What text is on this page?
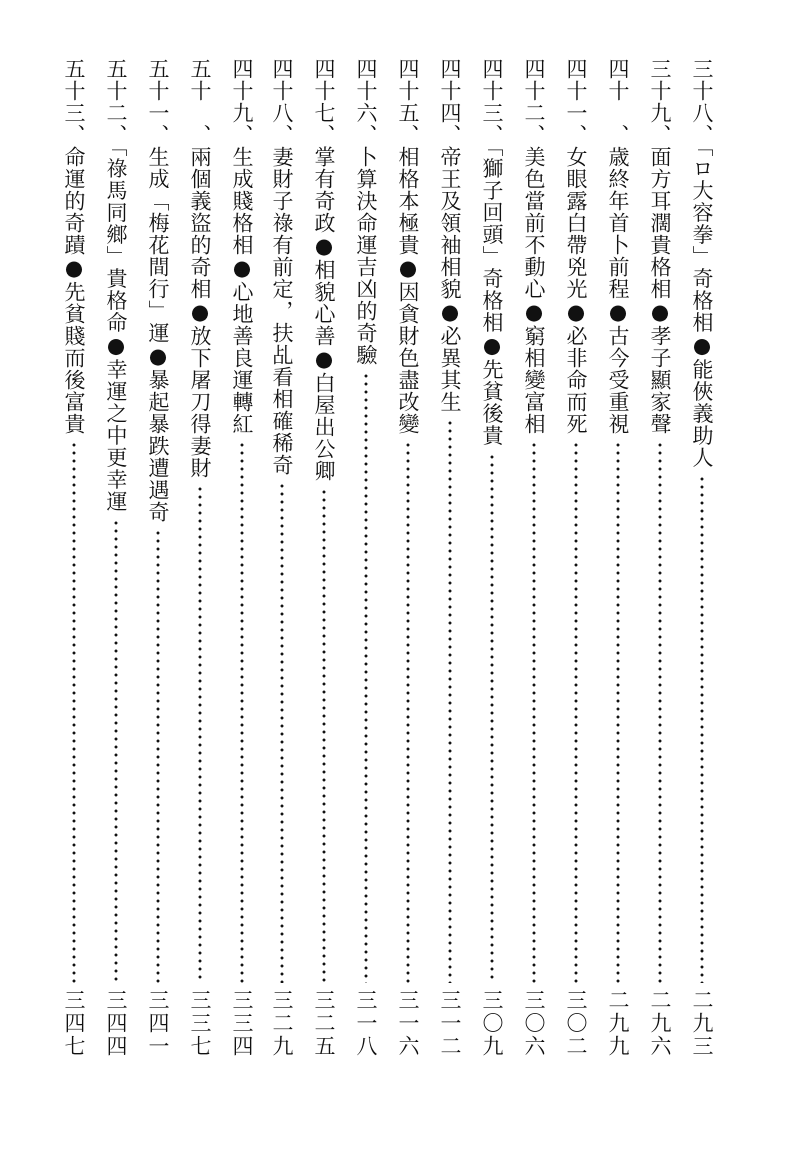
三十八、「ロ大容拳」奇格相●能俠義助人
二九三
三十九、面方耳濶貴格相●孝子顯家聲
二九六
四十　、歳終年首卜前程●古今受重視
二九九
四十一、女眼露白帶兇光●必非命而死
三〇二
四十二、美色當前不動心●窮相變富相
三〇六
四十三、「獅子回頭」奇格相●先貧後貴
三〇九
四十四、帝王及領袖相貌●必異其生
三一二
四十五、相格本極貴●因貪財色盡改變
三一六
四十六、卜算決命運吉凶的奇驗
三一八
四十七、掌有奇政●相貌心善●白屋出公卿
三二五
四十八、妻財子祿有前定，扶乩看相確稀奇
三二九
四十九、生成賤格相●心地善良運轉紅
三三四
五十　、兩個義盜的奇相●放下屠刀得妻財
三三七
五十一、生成「梅花間行」運●暴起暴跌遭遇奇
三四一
五十二、「祿馬同鄉」貴格命●幸運之中更幸運
三四四
五十三、命運的奇蹟●先貧賤而後富貴
三四七
